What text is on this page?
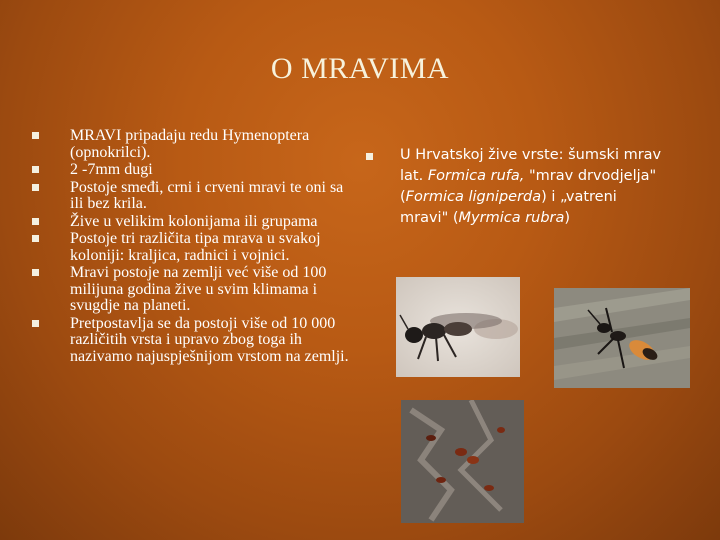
O MRAVIMA
MRAVI pripadaju redu Hymenoptera (opnokrilci).
2 -7mm dugi
Postoje smeđi, crni i crveni mravi te oni sa ili bez krila.
Žive u velikim kolonijama ili grupama
Postoje tri različita tipa mrava u svakoj koloniji: kraljica, radnici i vojnici.
Mravi postoje na zemlji već više od 100 milijuna godina žive u svim klimama i svugdje na planeti.
Pretpostavlja se da postoji više od 10 000 različitih vrsta i upravo zbog toga ih nazivamo najuspješnijom vrstom na zemlji.
U Hrvatskoj žive vrste: šumski mrav lat. Formica rufa, "mrav drvodjelja" (Formica ligniperda) i „vatreni mravi" (Myrmica rubra)
